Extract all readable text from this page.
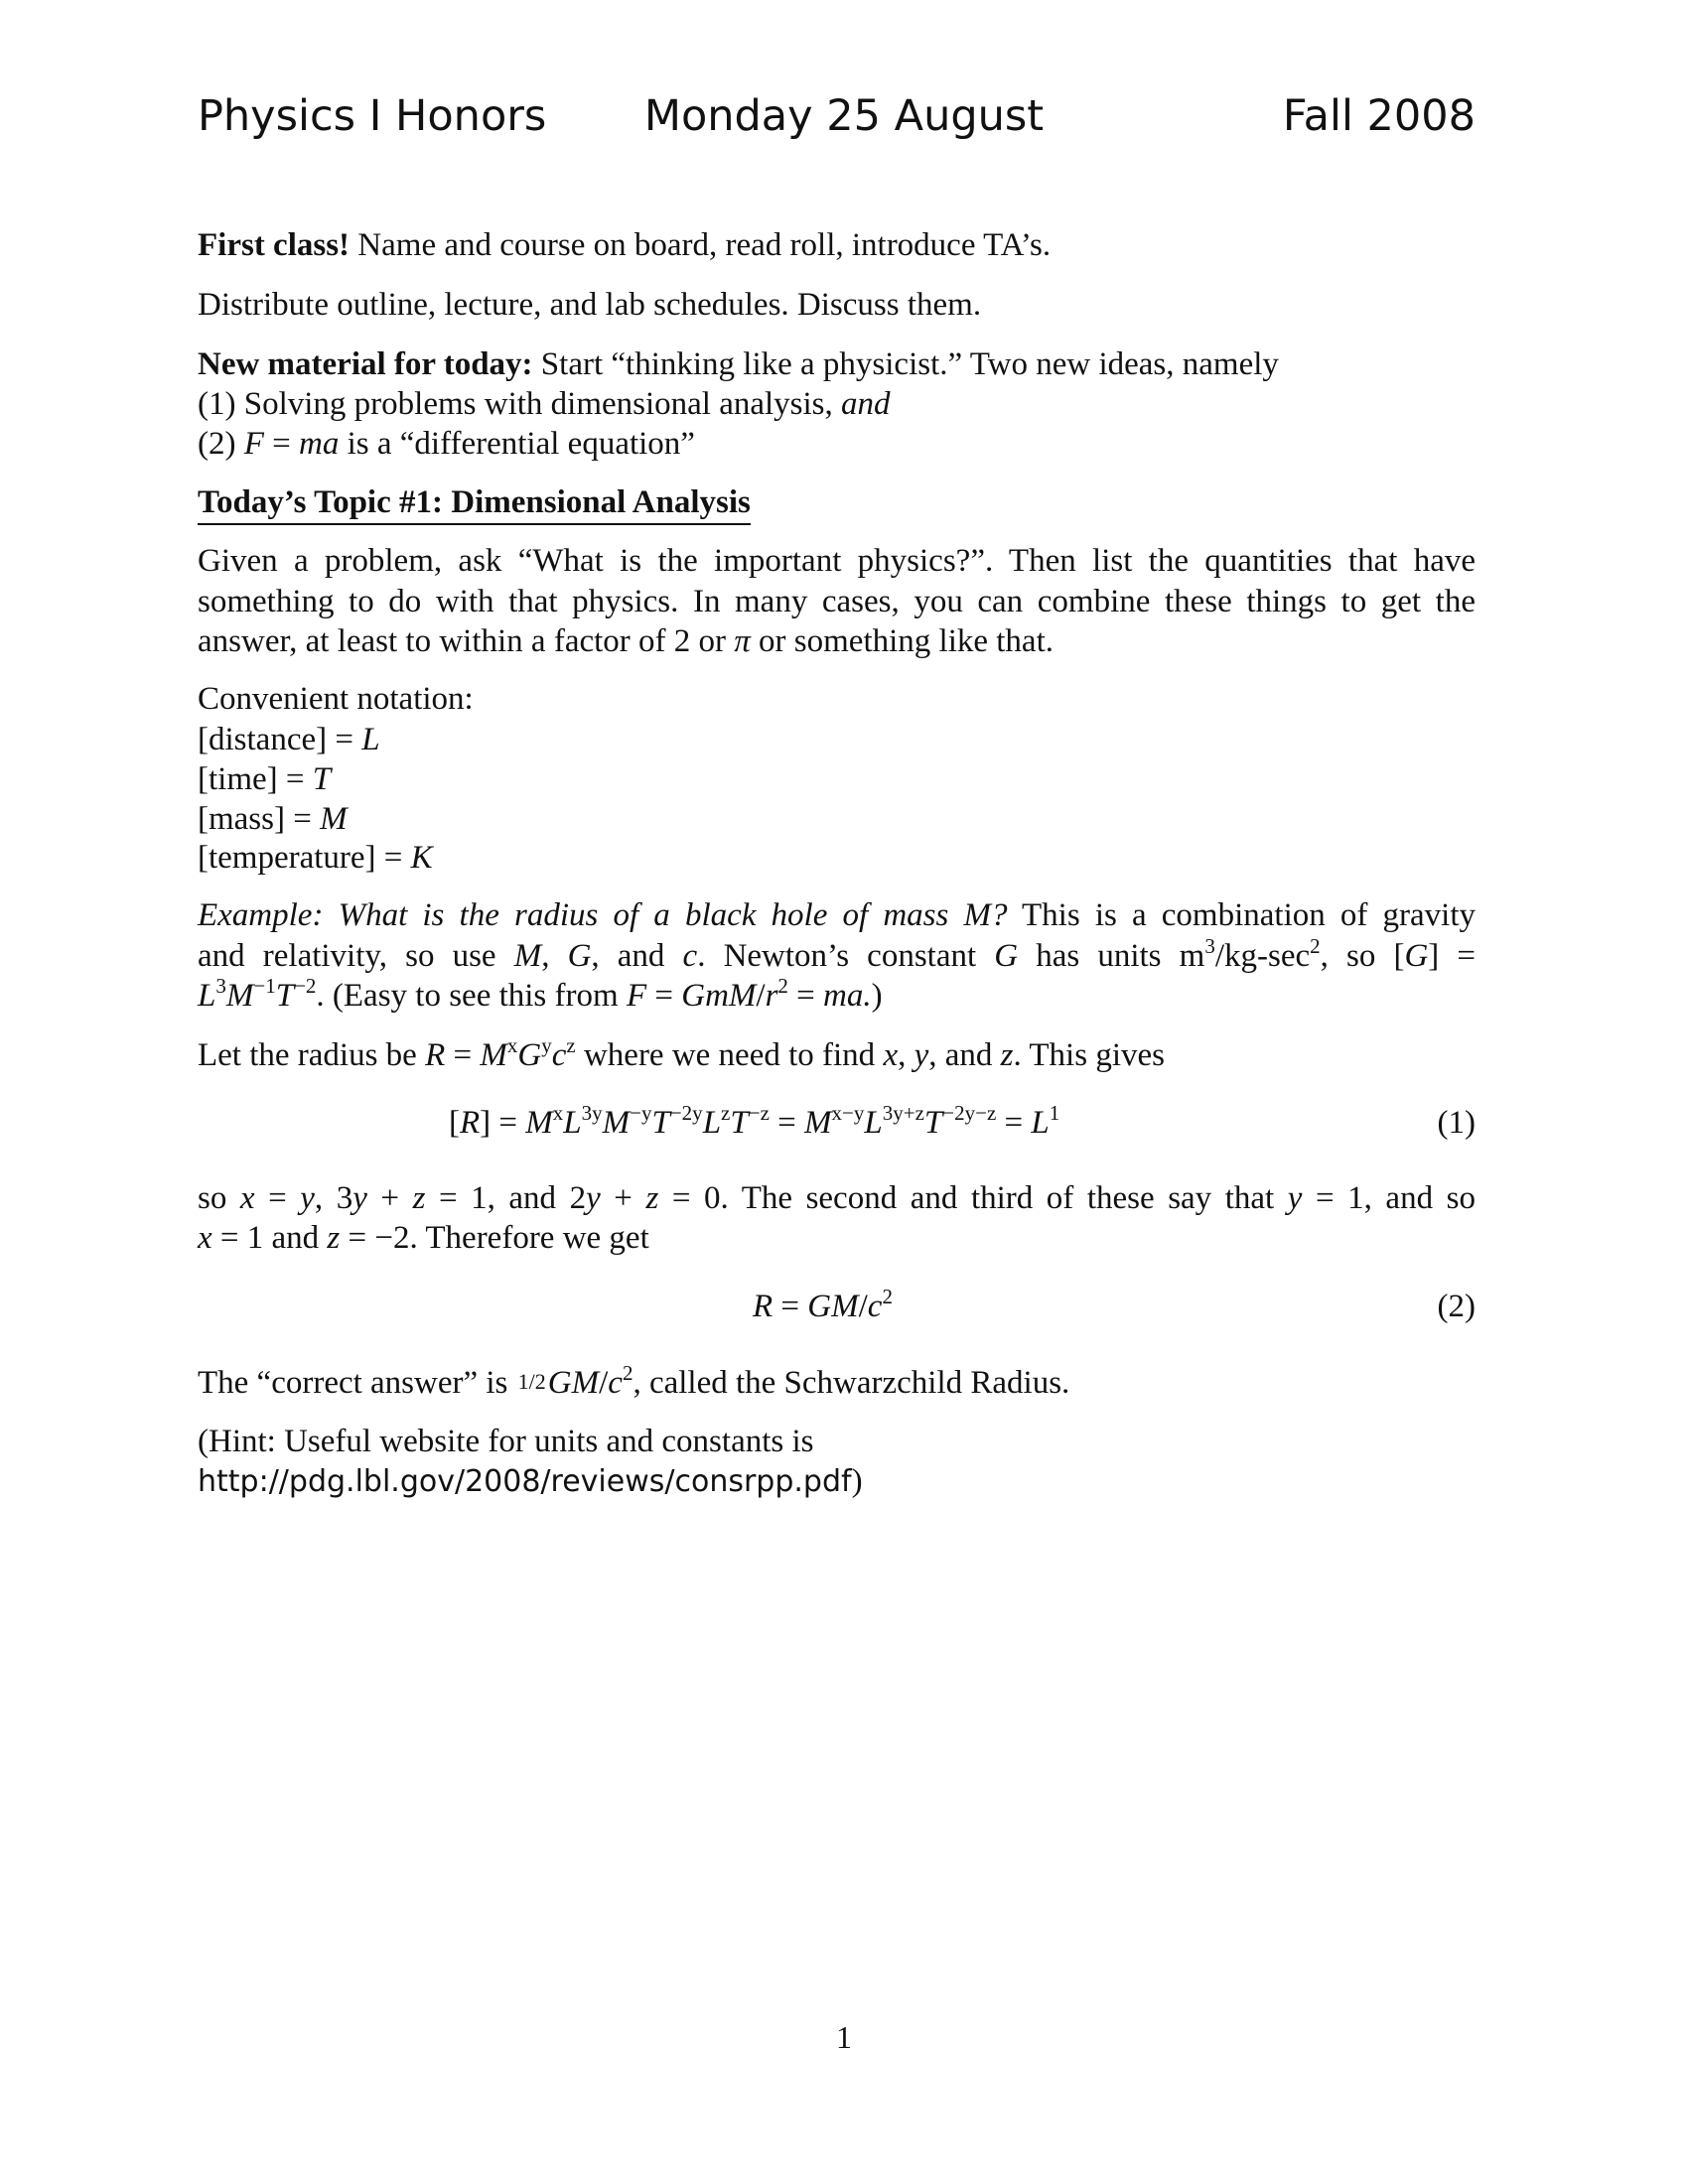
Physics I Honors	Monday 25 August	Fall 2008
First class! Name and course on board, read roll, introduce TA’s.
Distribute outline, lecture, and lab schedules. Discuss them.
New material for today: Start “thinking like a physicist.” Two new ideas, namely
(1) Solving problems with dimensional analysis, and
(2) F = ma is a “differential equation”
Today’s Topic #1: Dimensional Analysis
Given a problem, ask “What is the important physics?”. Then list the quantities that have
something to do with that physics. In many cases, you can combine these things to get the
answer, at least to within a factor of 2 or π or something like that.
Convenient notation:
[distance] = L
[time] = T
[mass] = M
[temperature] = K
Example: What is the radius of a black hole of mass M? This is a combination of gravity
and relativity, so use M, G, and c. Newton’s constant G has units $m^3/kg-\sec^2$, so [G] =
$L^3M^{-1}T^{-2}$. (Easy to see this from F = GmM/$r^2 = ma$.)
Let the radius be $R = M^xG^yc^z$ where we need to find x, y, and z. This gives
$[R] = M^xL^{3y}M^{-y}T^{-2y}L^zT^{-z} = M^{x-y}L^{3y+z}T^{-2y-z} = L^1$	(1)
so x = y, 3y + z = 1, and 2y + z = 0. The second and third of these say that y = 1, and so
x = 1 and z = −2. Therefore we get
$R = GM/c^2$	(2)
The “correct answer” is $1/2GM/c^2$, called the Schwarzchild Radius.
(Hint: Useful website for units and constants is
http://pdg.lbl.gov/2008/reviews/consrpp.pdf)
1
